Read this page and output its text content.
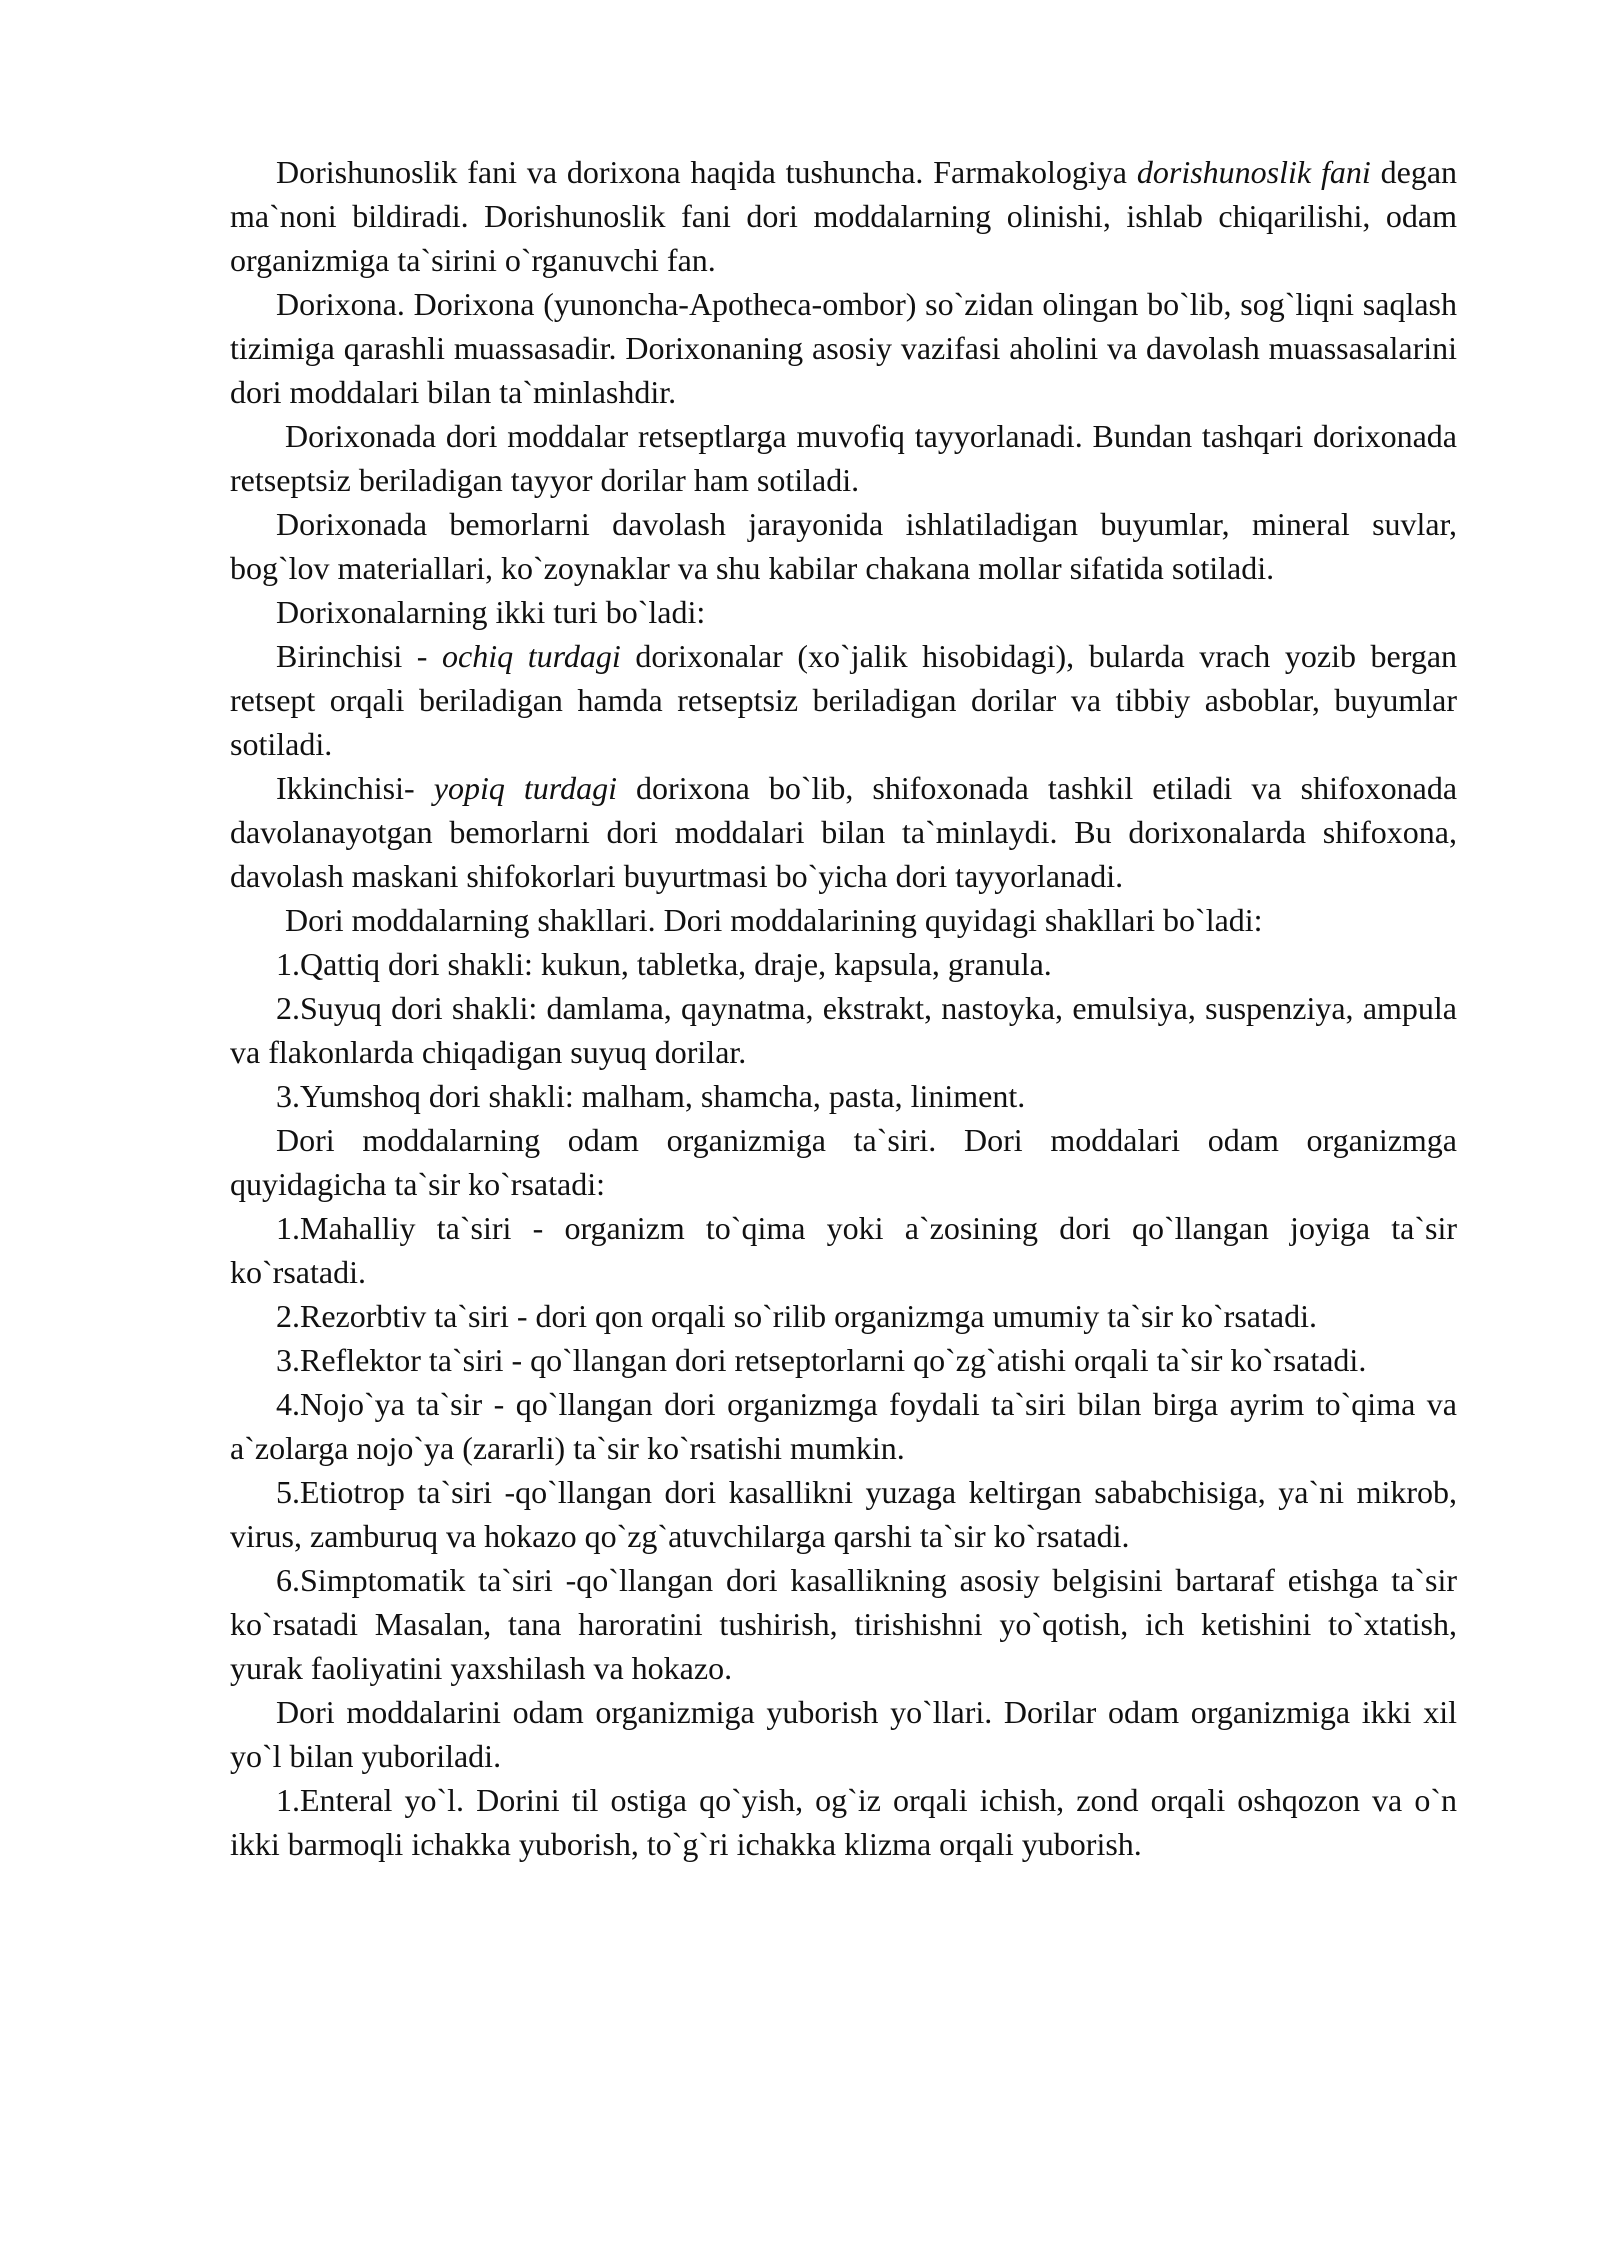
Dorishunoslik fani va dorixona haqida tushuncha. Farmakologiya dorishunoslik fani degan ma`noni bildiradi. Dorishunoslik fani dori moddalarning olinishi, ishlab chiqarilishi, odam organizmiga ta`sirini o`rganuvchi fan.

Dorixona. Dorixona (yunoncha-Apotheca-ombor) so`zidan olingan bo`lib, sog`liqni saqlash tizimiga qarashli muassasadir. Dorixonaning asosiy vazifasi aholini va davolash muassasalarini dori moddalari bilan ta`minlashdir.

Dorixonada dori moddalar retseptlarga muvofiq tayyorlanadi. Bundan tashqari dorixonada retseptsiz beriladigan tayyor dorilar ham sotiladi.

Dorixonada bemorlarni davolash jarayonida ishlatiladigan buyumlar, mineral suvlar, bog`lov materiallari, ko`zoynaklar va shu kabilar chakana mollar sifatida sotiladi.

Dorixonalarning ikki turi bo`ladi:

Birinchisi - ochiq turdagi dorixonalar (xo`jalik hisobidagi), bularda vrach yozib bergan retsept orqali beriladigan hamda retseptsiz beriladigan dorilar va tibbiy asboblar, buyumlar sotiladi.

Ikkinchisi- yopiq turdagi dorixona bo`lib, shifoxonada tashkil etiladi va shifoxonada davolanayotgan bemorlarni dori moddalari bilan ta`minlaydi. Bu dorixonalarda shifoxona, davolash maskani shifokorlari buyurtmasi bo`yicha dori tayyorlanadi.

Dori moddalarning shakllari. Dori moddalarining quyidagi shakllari bo`ladi:

1.Qattiq dori shakli: kukun, tabletka, draje, kapsula, granula.

2.Suyuq dori shakli: damlama, qaynatma, ekstrakt, nastoyka, emulsiya, suspenziya, ampula va flakonlarda chiqadigan suyuq dorilar.

3.Yumshoq dori shakli: malham, shamcha, pasta, liniment.

Dori moddalarning odam organizmiga ta`siri. Dori moddalari odam organizmga quyidagicha ta`sir ko`rsatadi:

1.Mahalliy ta`siri - organizm to`qima yoki a`zosining dori qo`llangan joyiga ta`sir ko`rsatadi.

2.Rezorbtiv ta`siri - dori qon orqali so`rilib organizmga umumiy ta`sir ko`rsatadi.

3.Reflektor ta`siri - qo`llangan dori retseptorlarni qo`zg`atishi orqali ta`sir ko`rsatadi.

4.Nojo`ya ta`sir - qo`llangan dori organizmga foydali ta`siri bilan birga ayrim to`qima va a`zolarga nojo`ya (zararli) ta`sir ko`rsatishi mumkin.

5.Etiotrop ta`siri -qo`llangan dori kasallikni yuzaga keltirgan sababchisiga, ya`ni mikrob, virus, zamburuq va hokazo qo`zg`atuvchilarga qarshi ta`sir ko`rsatadi.

6.Simptomatik ta`siri -qo`llangan dori kasallikning asosiy belgisini bartaraf etishga ta`sir ko`rsatadi Masalan, tana haroratini tushirish, tirishishni yo`qotish, ich ketishini to`xtatish, yurak faoliyatini yaxshilash va hokazo.

Dori moddalarini odam organizmiga yuborish yo`llari. Dorilar odam organizmiga ikki xil yo`l bilan yuboriladi.

1.Enteral yo`l. Dorini til ostiga qo`yish, og`iz orqali ichish, zond orqali oshqozon va o`n ikki barmoqli ichakka yuborish, to`g`ri ichakka klizma orqali yuborish.
